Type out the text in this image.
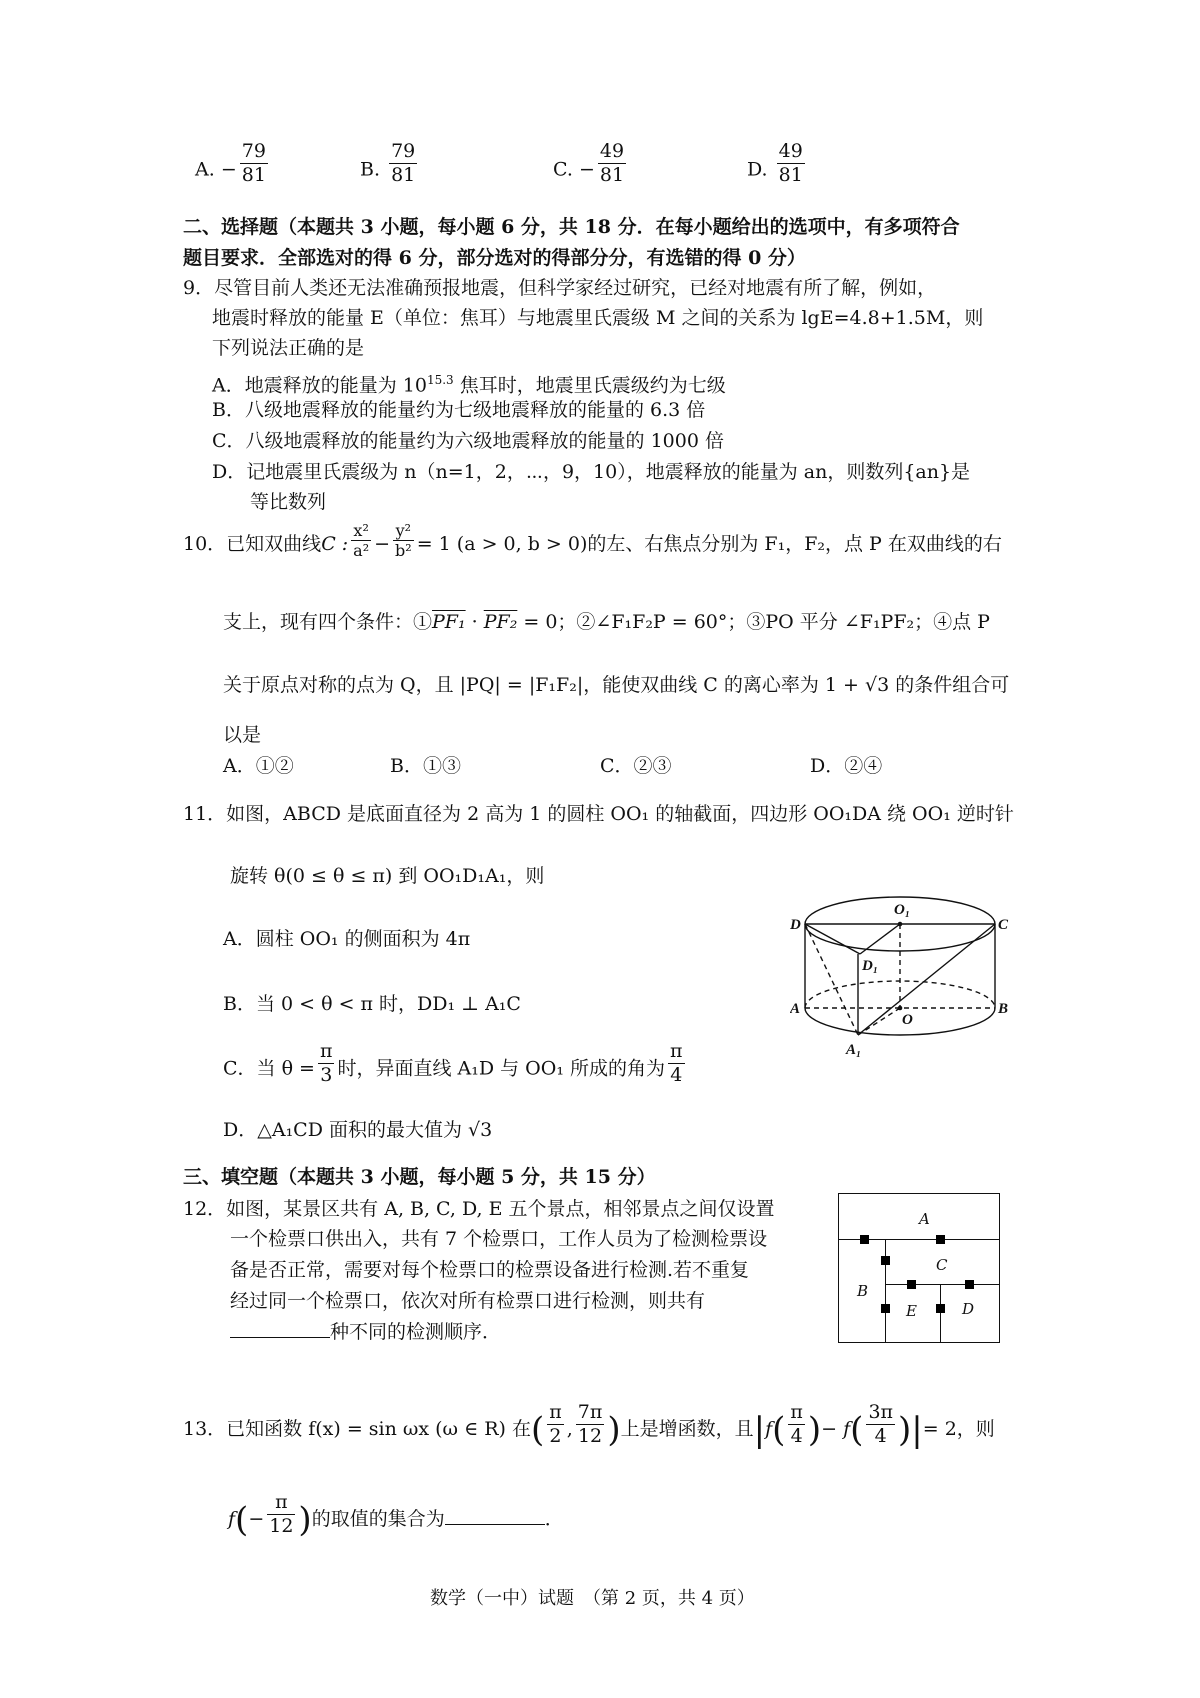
A. − $\frac{79}{81}$	B. $\frac{79}{81}$	C. − $\frac{49}{81}$	D. $\frac{49}{81}$
二、选择题（本题共 3 小题，每小题 6 分，共 18 分．在每小题给出的选项中，有多项符合
题目要求．全部选对的得 6 分，部分选对的得部分分，有选错的得 0 分）
9．尽管目前人类还无法准确预报地震，但科学家经过研究，已经对地震有所了解，例如，
地震时释放的能量 E（单位：焦耳）与地震里氏震级 M 之间的关系为 lgE=4.8+1.5M，则
下列说法正确的是
A．地震释放的能量为 $10^{15.3}$ 焦耳时，地震里氏震级约为七级
B．八级地震释放的能量约为七级地震释放的能量的 6.3 倍
C．八级地震释放的能量约为六级地震释放的能量的 1000 倍
D．记地震里氏震级为 n（n=1，2，⋯，9，10），地震释放的能量为 an，则数列{an}是
等比数列
10．已知双曲线C : $\frac{\text{x²}}{\text{a²}} - \frac{\text{y²}}{\text{b²}} = 1$ (a > 0, b > 0)的左、右焦点分别为 F₁，F₂，点 P 在双曲线的右
支上，现有四个条件：①PF₁ · PF₂ = 0；②∠F₁F₂P = 60°；③PO 平分 ∠F₁PF₂；④点 P
关于原点对称的点为 Q，且 |PQ| = |F₁F₂|，能使双曲线 C 的离心率为 1 + √3 的条件组合可
以是
A．①②	B．①③	C．②③	D．②④
11．如图，ABCD 是底面直径为 2 高为 1 的圆柱 OO₁ 的轴截面，四边形 OO₁DA 绕 OO₁ 逆时针
旋转 θ(0 ≤ θ ≤ π) 到 OO₁D₁A₁，则
A．圆柱 OO₁ 的侧面积为 4π
B．当 0 < θ < π 时，DD₁ ⊥ A₁C
C．当 $\theta = \frac{\pi}{3}$ 时，异面直线 A₁D 与 OO₁ 所成的角为 $\frac{\pi}{4}$
D．△A₁CD 面积的最大值为 √3
D
O₁
C
D₁
A
O
B
A₁
三、填空题（本题共 3 小题，每小题 5 分，共 15 分）
12．如图，某景区共有 A, B, C, D, E 五个景点，相邻景点之间仅设置
一个检票口供出入，共有 7 个检票口，工作人员为了检测检票设
备是否正常，需要对每个检票口的检票设备进行检测.若不重复
经过同一个检票口，依次对所有检票口进行检测，则共有
种不同的检测顺序．
A
B
C
E	D
13．已知函数 f(x) = sin ωx (ω ∈ R) 在( $\frac{\pi}{2}$ , $\frac{7\pi}{12}$ )上是增函数，且$|f( \frac{\pi}{4}$ )− $f( \frac{3\pi}{4}$ )|= 2，则
$f(- \frac{\pi}{12}$ )的取值的集合为	．
数学（一中）试题　（第 2 页，共 4 页）
